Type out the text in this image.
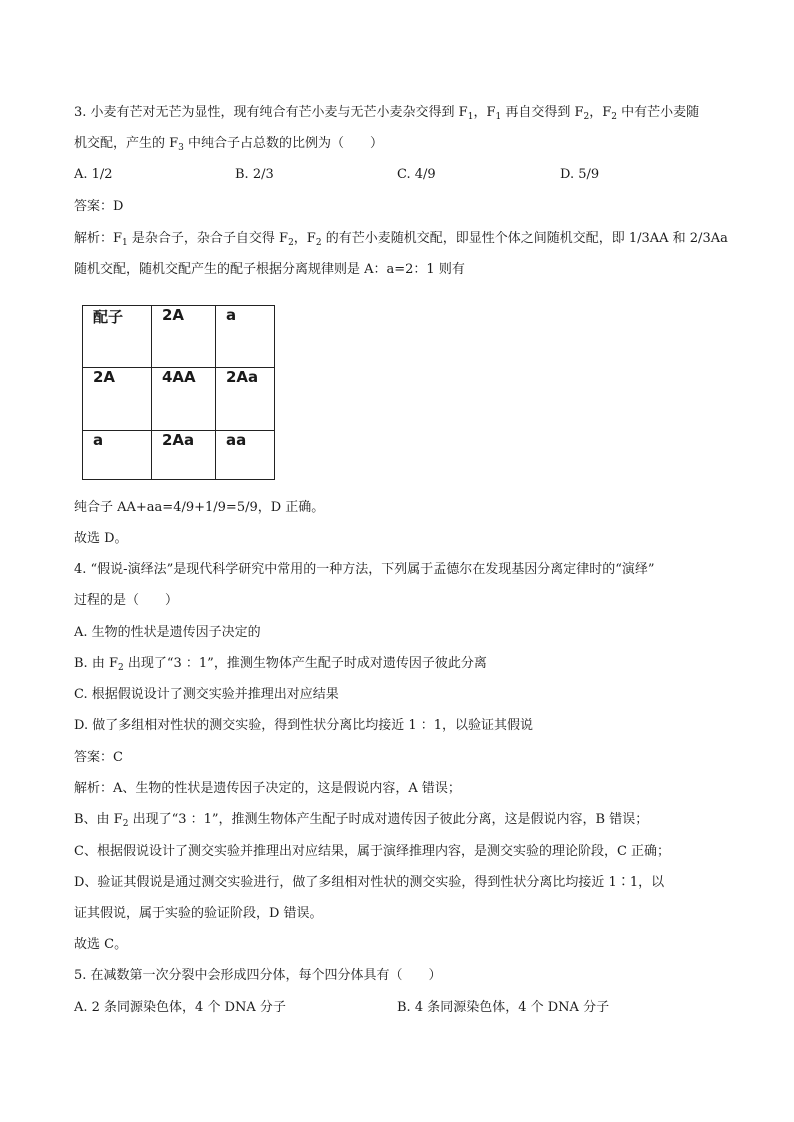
3. 小麦有芒对无芒为显性，现有纯合有芒小麦与无芒小麦杂交得到 $F_1$，$F_1$ 再自交得到 $F_2$，$F_2$ 中有芒小麦随
机交配，产生的 $F_3$ 中纯合子占总数的比例为（　　）
A. 1/2	B. 2/3	C. 4/9	D. 5/9
答案：D
解析：$F_1$ 是杂合子，杂合子自交得 $F_2$，$F_2$ 的有芒小麦随机交配，即显性个体之间随机交配，即 1/3AA 和 2/3Aa
随机交配，随机交配产生的配子根据分离规律则是 A：a=2：1 则有
配子	2A	a
2A	4AA	2Aa
a	2Aa	aa
纯合子 AA+aa=4/9+1/9=5/9，D 正确。
故选 D。
4. “假说-演绎法”是现代科学研究中常用的一种方法，下列属于孟德尔在发现基因分离定律时的“演绎”
过程的是（　　）
A. 生物的性状是遗传因子决定的
B. 由 $F_2$ 出现了“3 ：1”，推测生物体产生配子时成对遗传因子彼此分离
C. 根据假说设计了测交实验并推理出对应结果
D. 做了多组相对性状的测交实验，得到性状分离比均接近 1 ：1，以验证其假说
答案：C
解析：A、生物的性状是遗传因子决定的，这是假说内容，A 错误；
B、由 $F_2$ 出现了“3 ：1”，推测生物体产生配子时成对遗传因子彼此分离，这是假说内容，B 错误；
C、根据假说设计了测交实验并推理出对应结果，属于演绎推理内容，是测交实验的理论阶段，C 正确；
D、验证其假说是通过测交实验进行，做了多组相对性状的测交实验，得到性状分离比均接近 1∶1，以
证其假说，属于实验的验证阶段，D 错误。
故选 C。
5. 在减数第一次分裂中会形成四分体，每个四分体具有（　　）
A. 2 条同源染色体，4 个 DNA 分子	B. 4 条同源染色体，4 个 DNA 分子
